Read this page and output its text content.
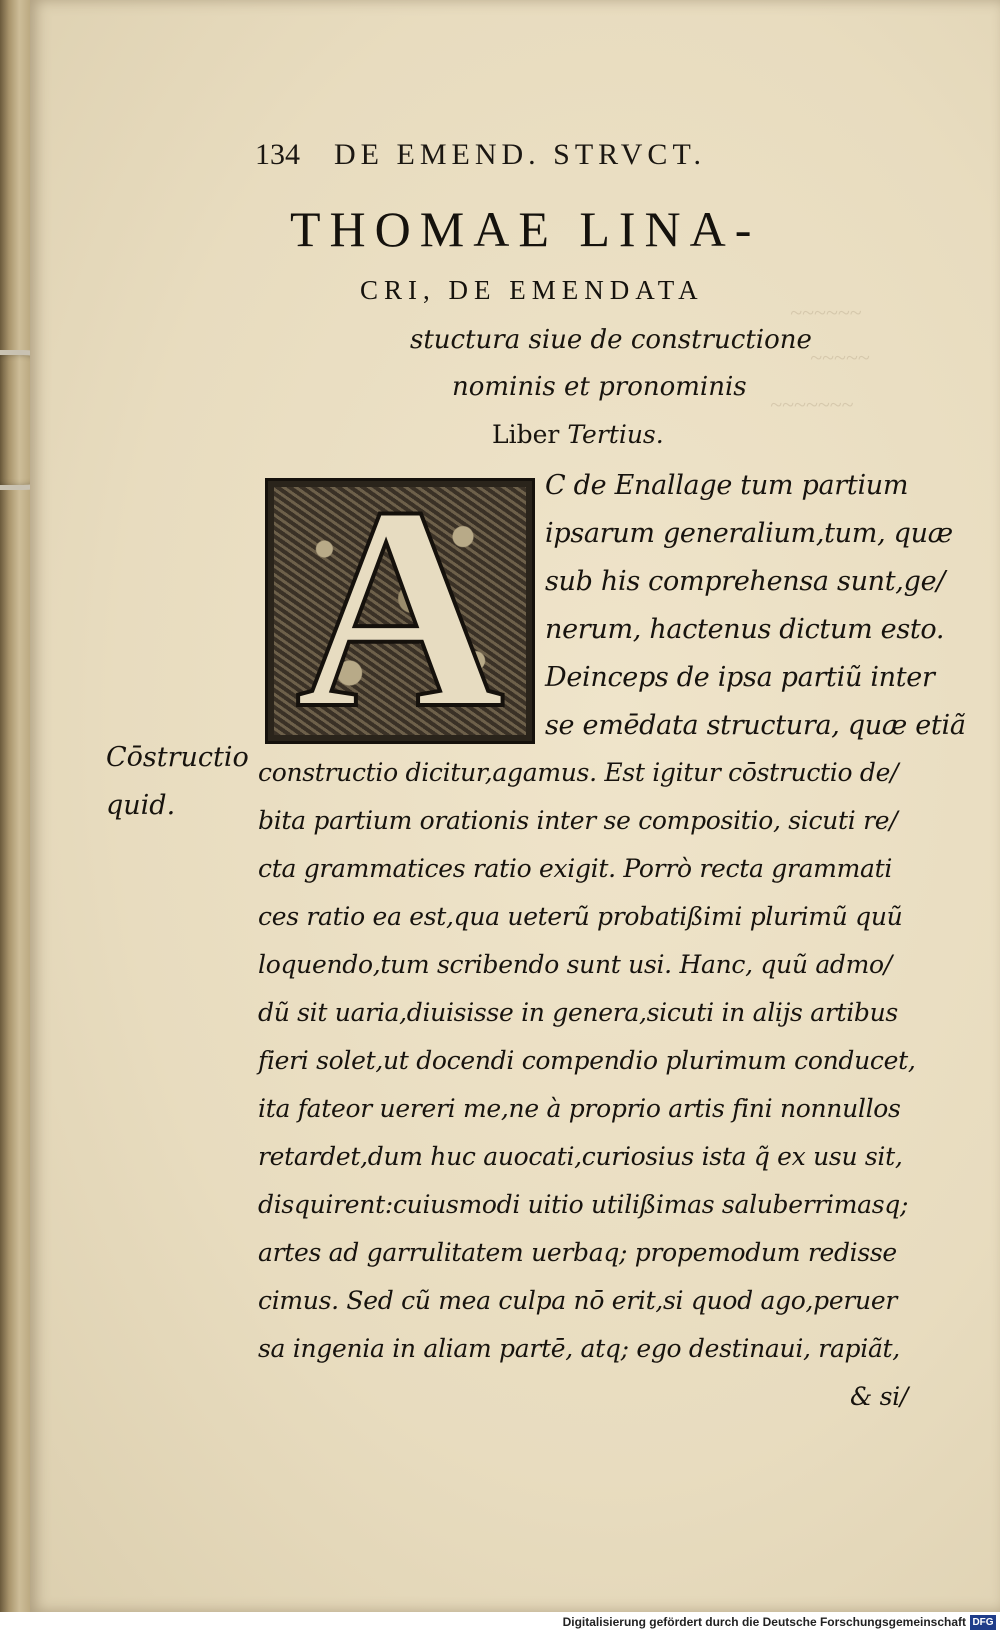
~~~~~~
~~~~~
~~~~~~~
134 DE EMEND. STRVCT.
THOMAE LINA-
CRI, DE EMENDATA
stuctura siue de constructione
nominis et pronominis
Liber Tertius.
A
Cōstructio
quid.
C de Enallage tum partium
ipsarum generalium,tum, quæ
sub his comprehensa sunt,ge/
nerum, hactenus dictum esto.
Deinceps de ipsa partiũ inter
se emēdata structura, quæ etiã
constructio dicitur,agamus. Est igitur cōstructio de/
bita partium orationis inter se compositio, sicuti re/
cta grammatices ratio exigit. Porrò recta grammati
ces ratio ea est,qua ueterũ probatißimi plurimũ quũ
loquendo,tum scribendo sunt usi. Hanc, quũ admo/
dũ sit uaria,diuisisse in genera,sicuti in alijs artibus
fieri solet,ut docendi compendio plurimum conducet,
ita fateor uereri me,ne à proprio artis fini nonnullos
retardet,dum huc auocati,curiosius ista q̃ ex usu sit,
disquirent:cuiusmodi uitio utilißimas saluberrimasq;
artes ad garrulitatem uerbaq; propemodum redisse
cimus. Sed cũ mea culpa nō erit,si quod ago,peruer
sa ingenia in aliam partē, atq; ego destinaui, rapiãt,
& si/
Digitalisierung gefördert durch die Deutsche Forschungsgemeinschaft DFG
